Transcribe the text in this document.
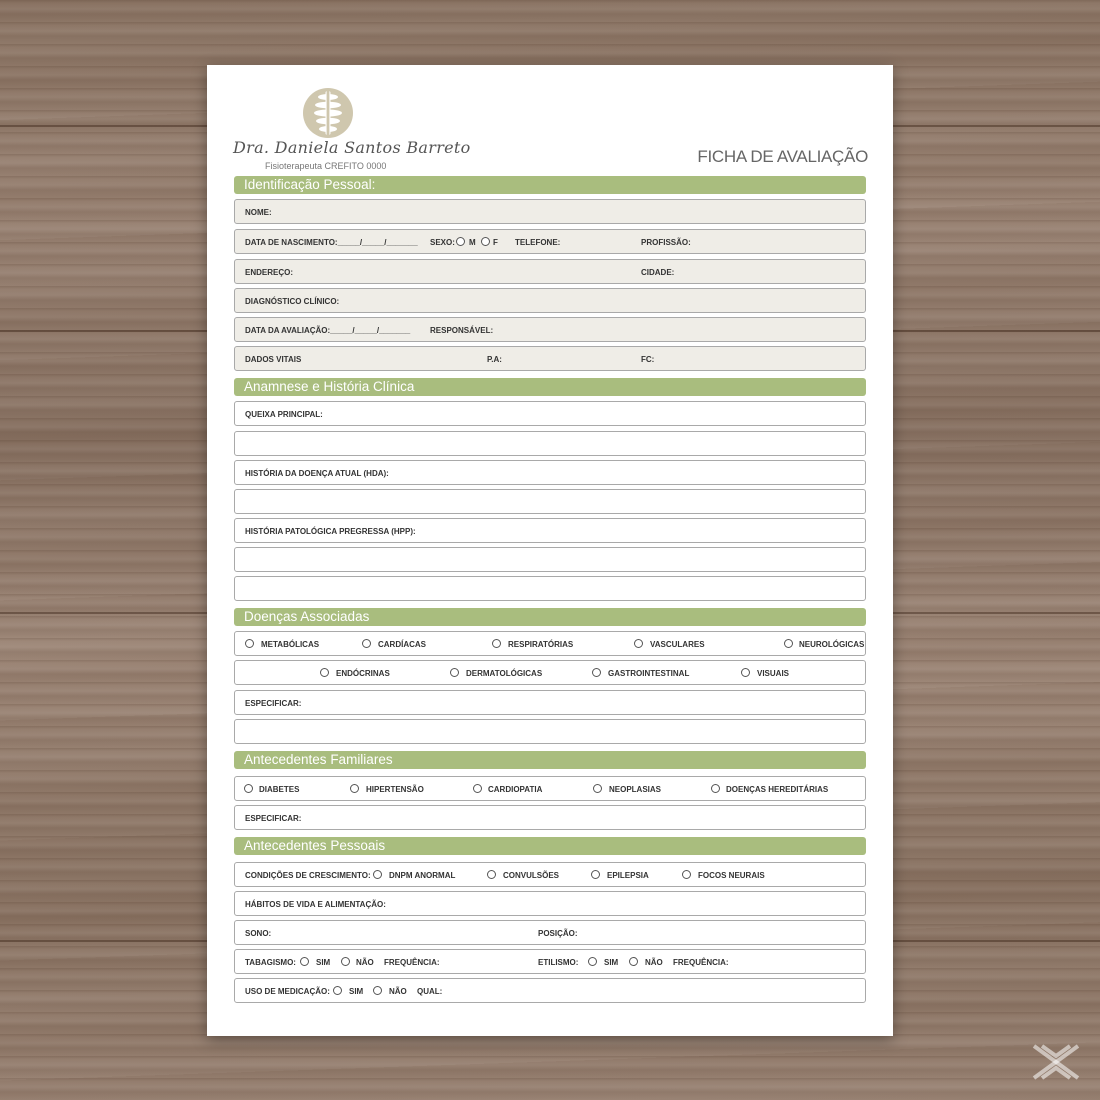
Dra. Daniela Santos Barreto
Fisioterapeuta CREFITO 0000	FICHA DE AVALIAÇÃO
Identificação Pessoal:
NOME:
DATA DE NASCIMENTO:_____/_____/_______ SEXO: M F TELEFONE:	PROFISSÃO:
ENDEREÇO:	CIDADE:
DIAGNÓSTICO CLÍNICO:
DATA DA AVALIAÇÃO:_____/_____/_______ RESPONSÁVEL:
DADOS VITAIS	P.A:	FC:
Anamnese e História Clínica
QUEIXA PRINCIPAL:
HISTÓRIA DA DOENÇA ATUAL (HDA):
HISTÓRIA PATOLÓGICA PREGRESSA (HPP):
Doenças Associadas
METABÓLICAS	CARDÍACAS	RESPIRATÓRIAS	VASCULARES	NEUROLÓGICAS
ENDÓCRINAS	DERMATOLÓGICAS	GASTROINTESTINAL	VISUAIS
ESPECIFICAR:
Antecedentes Familiares
DIABETES	HIPERTENSÃO	CARDIOPATIA	NEOPLASIAS	DOENÇAS HEREDITÁRIAS
ESPECIFICAR:
Antecedentes Pessoais
CONDIÇÕES DE CRESCIMENTO: DNPM ANORMAL	CONVULSÕES	EPILEPSIA	FOCOS NEURAIS
HÁBITOS DE VIDA E ALIMENTAÇÃO:
SONO:	POSIÇÃO:
TABAGISMO:	SIM	NÃO FREQUÊNCIA:	ETILISMO:	SIM	NÃO FREQUÊNCIA:
USO DE MEDICAÇÃO: SIM	NÃO QUAL:
